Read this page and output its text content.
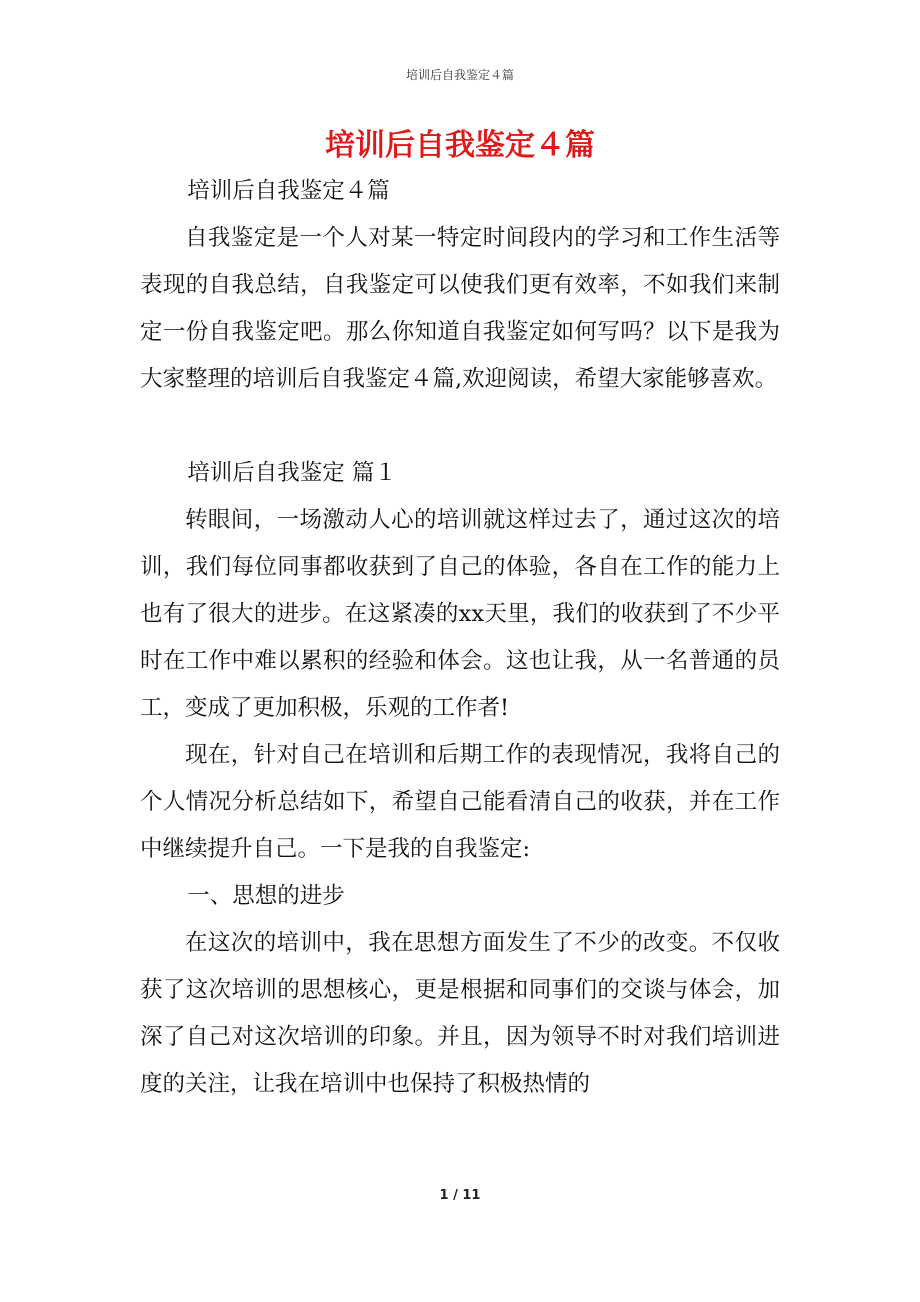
培训后自我鉴定４篇
培训后自我鉴定４篇

培训后自我鉴定４篇

自我鉴定是一个人对某一特定时间段内的学习和工作生活等表现的自我总结，自我鉴定可以使我们更有效率，不如我们来制定一份自我鉴定吧。那么你知道自我鉴定如何写吗？以下是我为大家整理的培训后自我鉴定４篇,欢迎阅读，希望大家能够喜欢。

培训后自我鉴定 篇１

转眼间，一场激动人心的培训就这样过去了，通过这次的培训，我们每位同事都收获到了自己的体验，各自在工作的能力上也有了很大的进步。在这紧凑的xx天里，我们的收获到了不少平时在工作中难以累积的经验和体会。这也让我，从一名普通的员工，变成了更加积极，乐观的工作者!

现在，针对自己在培训和后期工作的表现情况，我将自己的个人情况分析总结如下，希望自己能看清自己的收获，并在工作中继续提升自己。一下是我的自我鉴定:

一、思想的进步

在这次的培训中，我在思想方面发生了不少的改变。不仅收获了这次培训的思想核心，更是根据和同事们的交谈与体会，加深了自己对这次培训的印象。并且，因为领导不时对我们培训进度的关注，让我在培训中也保持了积极热情的

1 / 11
